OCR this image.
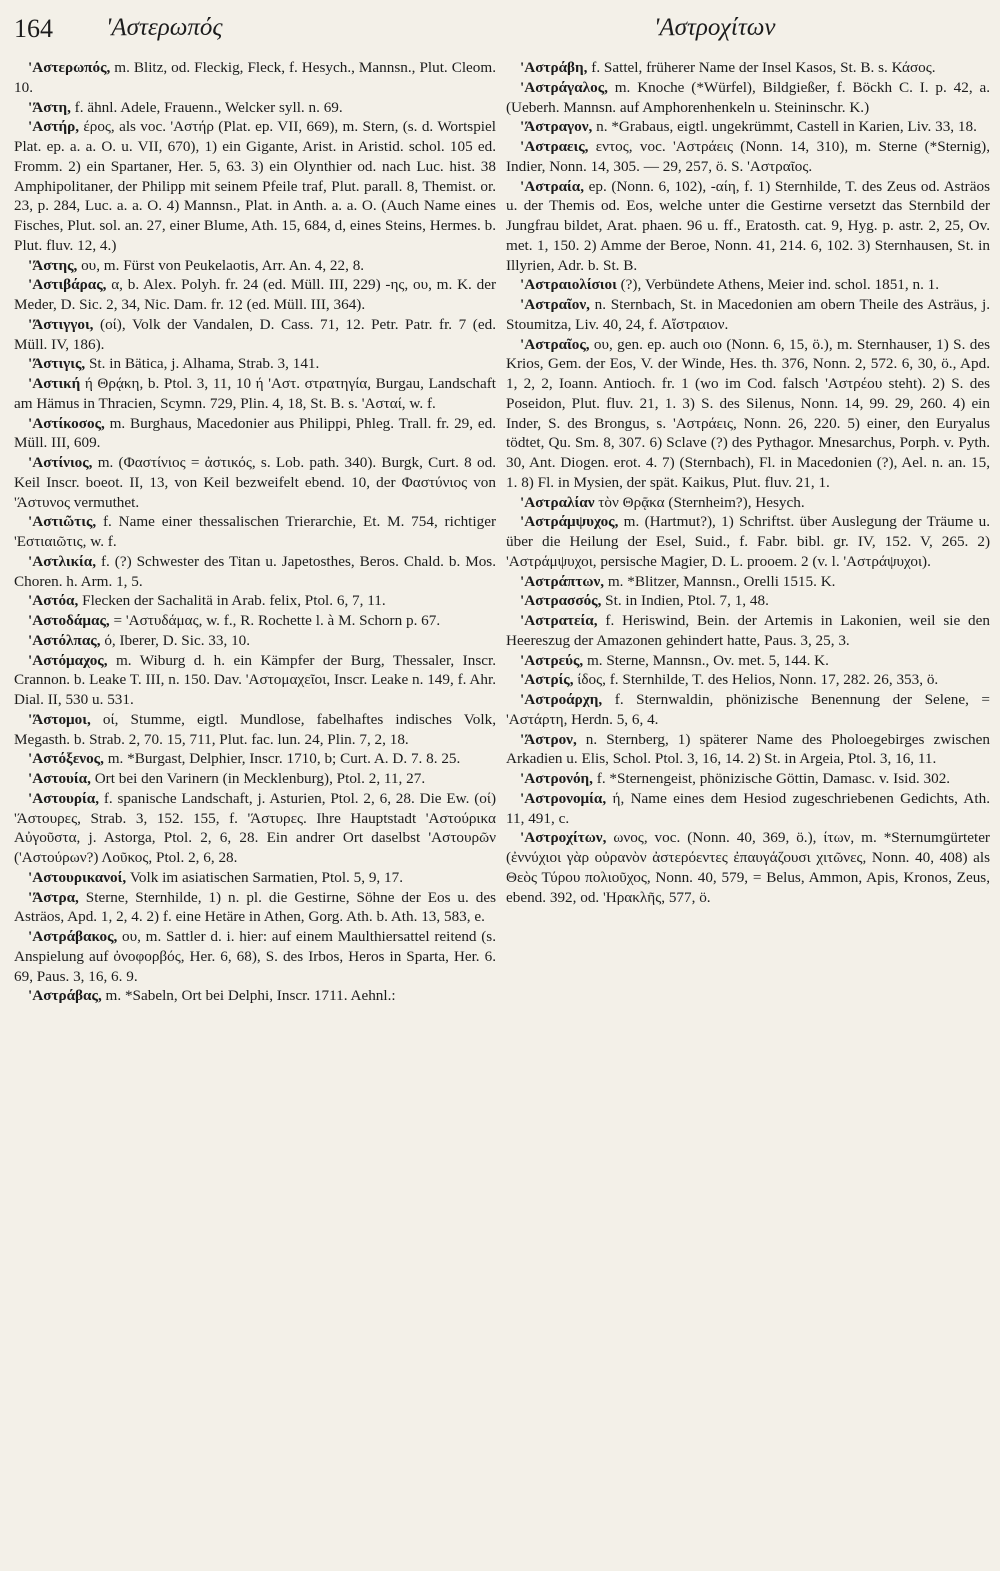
164 'Αστερωπός	'Αστροχίτων

'Αστερωπός, m. Blitz, od. Fleckig, Fleck, f. Hesych., Mannsn., Plut. Cleom. 10.

'Άστη, f. ähnl. Adele, Frauenn., Welcker syll. n. 69.

'Αστήρ, έρος, als voc. 'Αστήρ (Plat. ep. VII, 669), m. Stern, (s. d. Wortspiel Plat. ep. a. a. O. u. VII, 670), 1) ein Gigante, Arist. in Aristid. schol. 105 ed. Fromm. 2) ein Spartaner, Her. 5, 63. 3) ein Olynthier od. nach Luc. hist. 38 Amphipolitaner, der Philipp mit seinem Pfeile traf, Plut. parall. 8, Themist. or. 23, p. 284, Luc. a. a. O. 4) Mannsn., Plat. in Anth. a. a. O. (Auch Name eines Fisches, Plut. sol. an. 27, einer Blume, Ath. 15, 684, d, eines Steins, Hermes. b. Plut. fluv. 12, 4.)

'Άστης, ου, m. Fürst von Peukelaotis, Arr. An. 4, 22, 8.

'Αστιβάρας, α, b. Alex. Polyh. fr. 24 (ed. Müll. III, 229) -ης, ου, m. K. der Meder, D. Sic. 2, 34, Nic. Dam. fr. 12 (ed. Müll. III, 364).

'Άστιγγοι, (οί), Volk der Vandalen, D. Cass. 71, 12. Petr. Patr. fr. 7 (ed. Müll. IV, 186).

'Άστιγις, St. in Bätica, j. Alhama, Strab. 3, 141.

'Αστική ή Θρᾴκη, b. Ptol. 3, 11, 10 ή 'Αστ. στρατηγία, Burgau, Landschaft am Hämus in Thracien, Scymn. 729, Plin. 4, 18, St. B. s. 'Ασταί, w. f.

'Αστίκοσος, m. Burghaus, Macedonier aus Philippi, Phleg. Trall. fr. 29, ed. Müll. III, 609.

'Αστίνιος, m. (Φαστίνιος = ἀστικός, s. Lob. path. 340). Burgk, Curt. 8 od. Keil Inscr. boeot. II, 13, von Keil bezweifelt ebend. 10, der Φαστύνιος von 'Άστυνος vermuthet.

'Αστιῶτις, f. Name einer thessalischen Trierarchie, Et. M. 754, richtiger 'Εστιαιῶτις, w. f.

'Αστλικία, f. (?) Schwester des Titan u. Japetosthes, Beros. Chald. b. Mos. Choren. h. Arm. 1, 5.

'Αστόα, Flecken der Sachalitä in Arab. felix, Ptol. 6, 7, 11.

'Αστοδάμας, = 'Αστυδάμας, w. f., R. Rochette l. à M. Schorn p. 67.

'Αστόλπας, ό, Iberer, D. Sic. 33, 10.

'Αστόμαχος, m. Wiburg d. h. ein Kämpfer der Burg, Thessaler, Inscr. Crannon. b. Leake T. III, n. 150. Dav. 'Αστομαχεῖοι, Inscr. Leake n. 149, f. Ahr. Dial. II, 530 u. 531.

'Άστομοι, οί, Stumme, eigtl. Mundlose, fabelhaftes indisches Volk, Megasth. b. Strab. 2, 70. 15, 711, Plut. fac. lun. 24, Plin. 7, 2, 18.

'Αστόξενος, m. *Burgast, Delphier, Inscr. 1710, b; Curt. A. D. 7. 8. 25.

'Αστουία, Ort bei den Varinern (in Mecklenburg), Ptol. 2, 11, 27.

'Αστουρία, f. spanische Landschaft, j. Asturien, Ptol. 2, 6, 28. Die Ew. (οί) 'Άστουρες, Strab. 3, 152. 155, f. 'Άστυρες. Ihre Hauptstadt 'Αστούρικα Αὐγοῦστα, j. Astorga, Ptol. 2, 6, 28. Ein andrer Ort daselbst 'Αστουρῶν ('Αστούρων?) Λοῦκος, Ptol. 2, 6, 28.

'Αστουρικανοί, Volk im asiatischen Sarmatien, Ptol. 5, 9, 17.

'Άστρα, Sterne, Sternhilde, 1) n. pl. die Gestirne, Söhne der Eos u. des Asträos, Apd. 1, 2, 4. 2) f. eine Hetäre in Athen, Gorg. Ath. b. Ath. 13, 583, e.

'Αστράβακος, ου, m. Sattler d. i. hier: auf einem Maulthiersattel reitend (s. Anspielung auf ὀνοφορβός, Her. 6, 68), S. des Irbos, Heros in Sparta, Her. 6. 69, Paus. 3, 16, 6. 9.

'Αστράβας, m. *Sabeln, Ort bei Delphi, Inscr. 1711. Aehnl.:

'Αστράβη, f. Sattel, früherer Name der Insel Kasos, St. B. s. Κάσος.

'Αστράγαλος, m. Knoche (*Würfel), Bildgießer, f. Böckh C. I. p. 42, a. (Ueberh. Mannsn. auf Amphorenhenkeln u. Steininschr. K.)

'Άστραγον, n. *Grabaus, eigtl. ungekrümmt, Castell in Karien, Liv. 33, 18.

'Αστραεις, εντος, voc. 'Αστράεις (Nonn. 14, 310), m. Sterne (*Sternig), Indier, Nonn. 14, 305. — 29, 257, ö. S. 'Αστραῖος.

'Αστραία, ep. (Nonn. 6, 102), -αίη, f. 1) Sternhilde, T. des Zeus od. Asträos u. der Themis od. Eos, welche unter die Gestirne versetzt das Sternbild der Jungfrau bildet, Arat. phaen. 96 u. ff., Eratosth. cat. 9, Hyg. p. astr. 2, 25, Ov. met. 1, 150. 2) Amme der Beroe, Nonn. 41, 214. 6, 102. 3) Sternhausen, St. in Illyrien, Adr. b. St. B.

'Αστραιολίσιοι (?), Verbündete Athens, Meier ind. schol. 1851, n. 1.

'Αστραῖον, n. Sternbach, St. in Macedonien am obern Theile des Asträus, j. Stoumitza, Liv. 40, 24, f. Αἴστραιον.

'Αστραῖος, ου, gen. ep. auch οιο (Nonn. 6, 15, ö.), m. Sternhauser, 1) S. des Krios, Gem. der Eos, V. der Winde, Hes. th. 376, Nonn. 2, 572. 6, 30, ö., Apd. 1, 2, 2, Ioann. Antioch. fr. 1 (wo im Cod. falsch 'Αστρέου steht). 2) S. des Poseidon, Plut. fluv. 21, 1. 3) S. des Silenus, Nonn. 14, 99. 29, 260. 4) ein Inder, S. des Brongus, s. 'Αστράεις, Nonn. 26, 220. 5) einer, den Euryalus tödtet, Qu. Sm. 8, 307. 6) Sclave (?) des Pythagor. Mnesarchus, Porph. v. Pyth. 30, Ant. Diogen. erot. 4. 7) (Sternbach), Fl. in Macedonien (?), Ael. n. an. 15, 1. 8) Fl. in Mysien, der spät. Kaikus, Plut. fluv. 21, 1.

'Αστραλίαν τὸν Θρᾷκα (Sternheim?), Hesych.

'Αστράμψυχος, m. (Hartmut?), 1) Schriftst. über Auslegung der Träume u. über die Heilung der Esel, Suid., f. Fabr. bibl. gr. IV, 152. V, 265. 2) 'Αστράμψυχοι, persische Magier, D. L. prooem. 2 (v. l. 'Αστράψυχοι).

'Αστράπτων, m. *Blitzer, Mannsn., Orelli 1515. K.

'Αστρασσός, St. in Indien, Ptol. 7, 1, 48.

'Αστρατεία, f. Heriswind, Bein. der Artemis in Lakonien, weil sie den Heereszug der Amazonen gehindert hatte, Paus. 3, 25, 3.

'Αστρεύς, m. Sterne, Mannsn., Ov. met. 5, 144. K.

'Αστρίς, ίδος, f. Sternhilde, T. des Helios, Nonn. 17, 282. 26, 353, ö.

'Αστροάρχη, f. Sternwaldin, phönizische Benennung der Selene, = 'Αστάρτη, Herdn. 5, 6, 4.

'Άστρον, n. Sternberg, 1) späterer Name des Pholoegebirges zwischen Arkadien u. Elis, Schol. Ptol. 3, 16, 14. 2) St. in Argeia, Ptol. 3, 16, 11.

'Αστρονόη, f. *Sternengeist, phönizische Göttin, Damasc. v. Isid. 302.

'Αστρονομία, ή, Name eines dem Hesiod zugeschriebenen Gedichts, Ath. 11, 491, c.

'Αστροχίτων, ωνος, voc. (Nonn. 40, 369, ö.), ίτων, m. *Sternumgürteter (ἐννύχιοι γὰρ οὐρανὸν ἀστερόεντες ἐπαυγάζουσι χιτῶνες, Nonn. 40, 408) als Θεὸς Τύρου πολιοῦχος, Nonn. 40, 579, = Belus, Ammon, Apis, Kronos, Zeus, ebend. 392, od. 'Ηρακλῆς, 577, ö.
